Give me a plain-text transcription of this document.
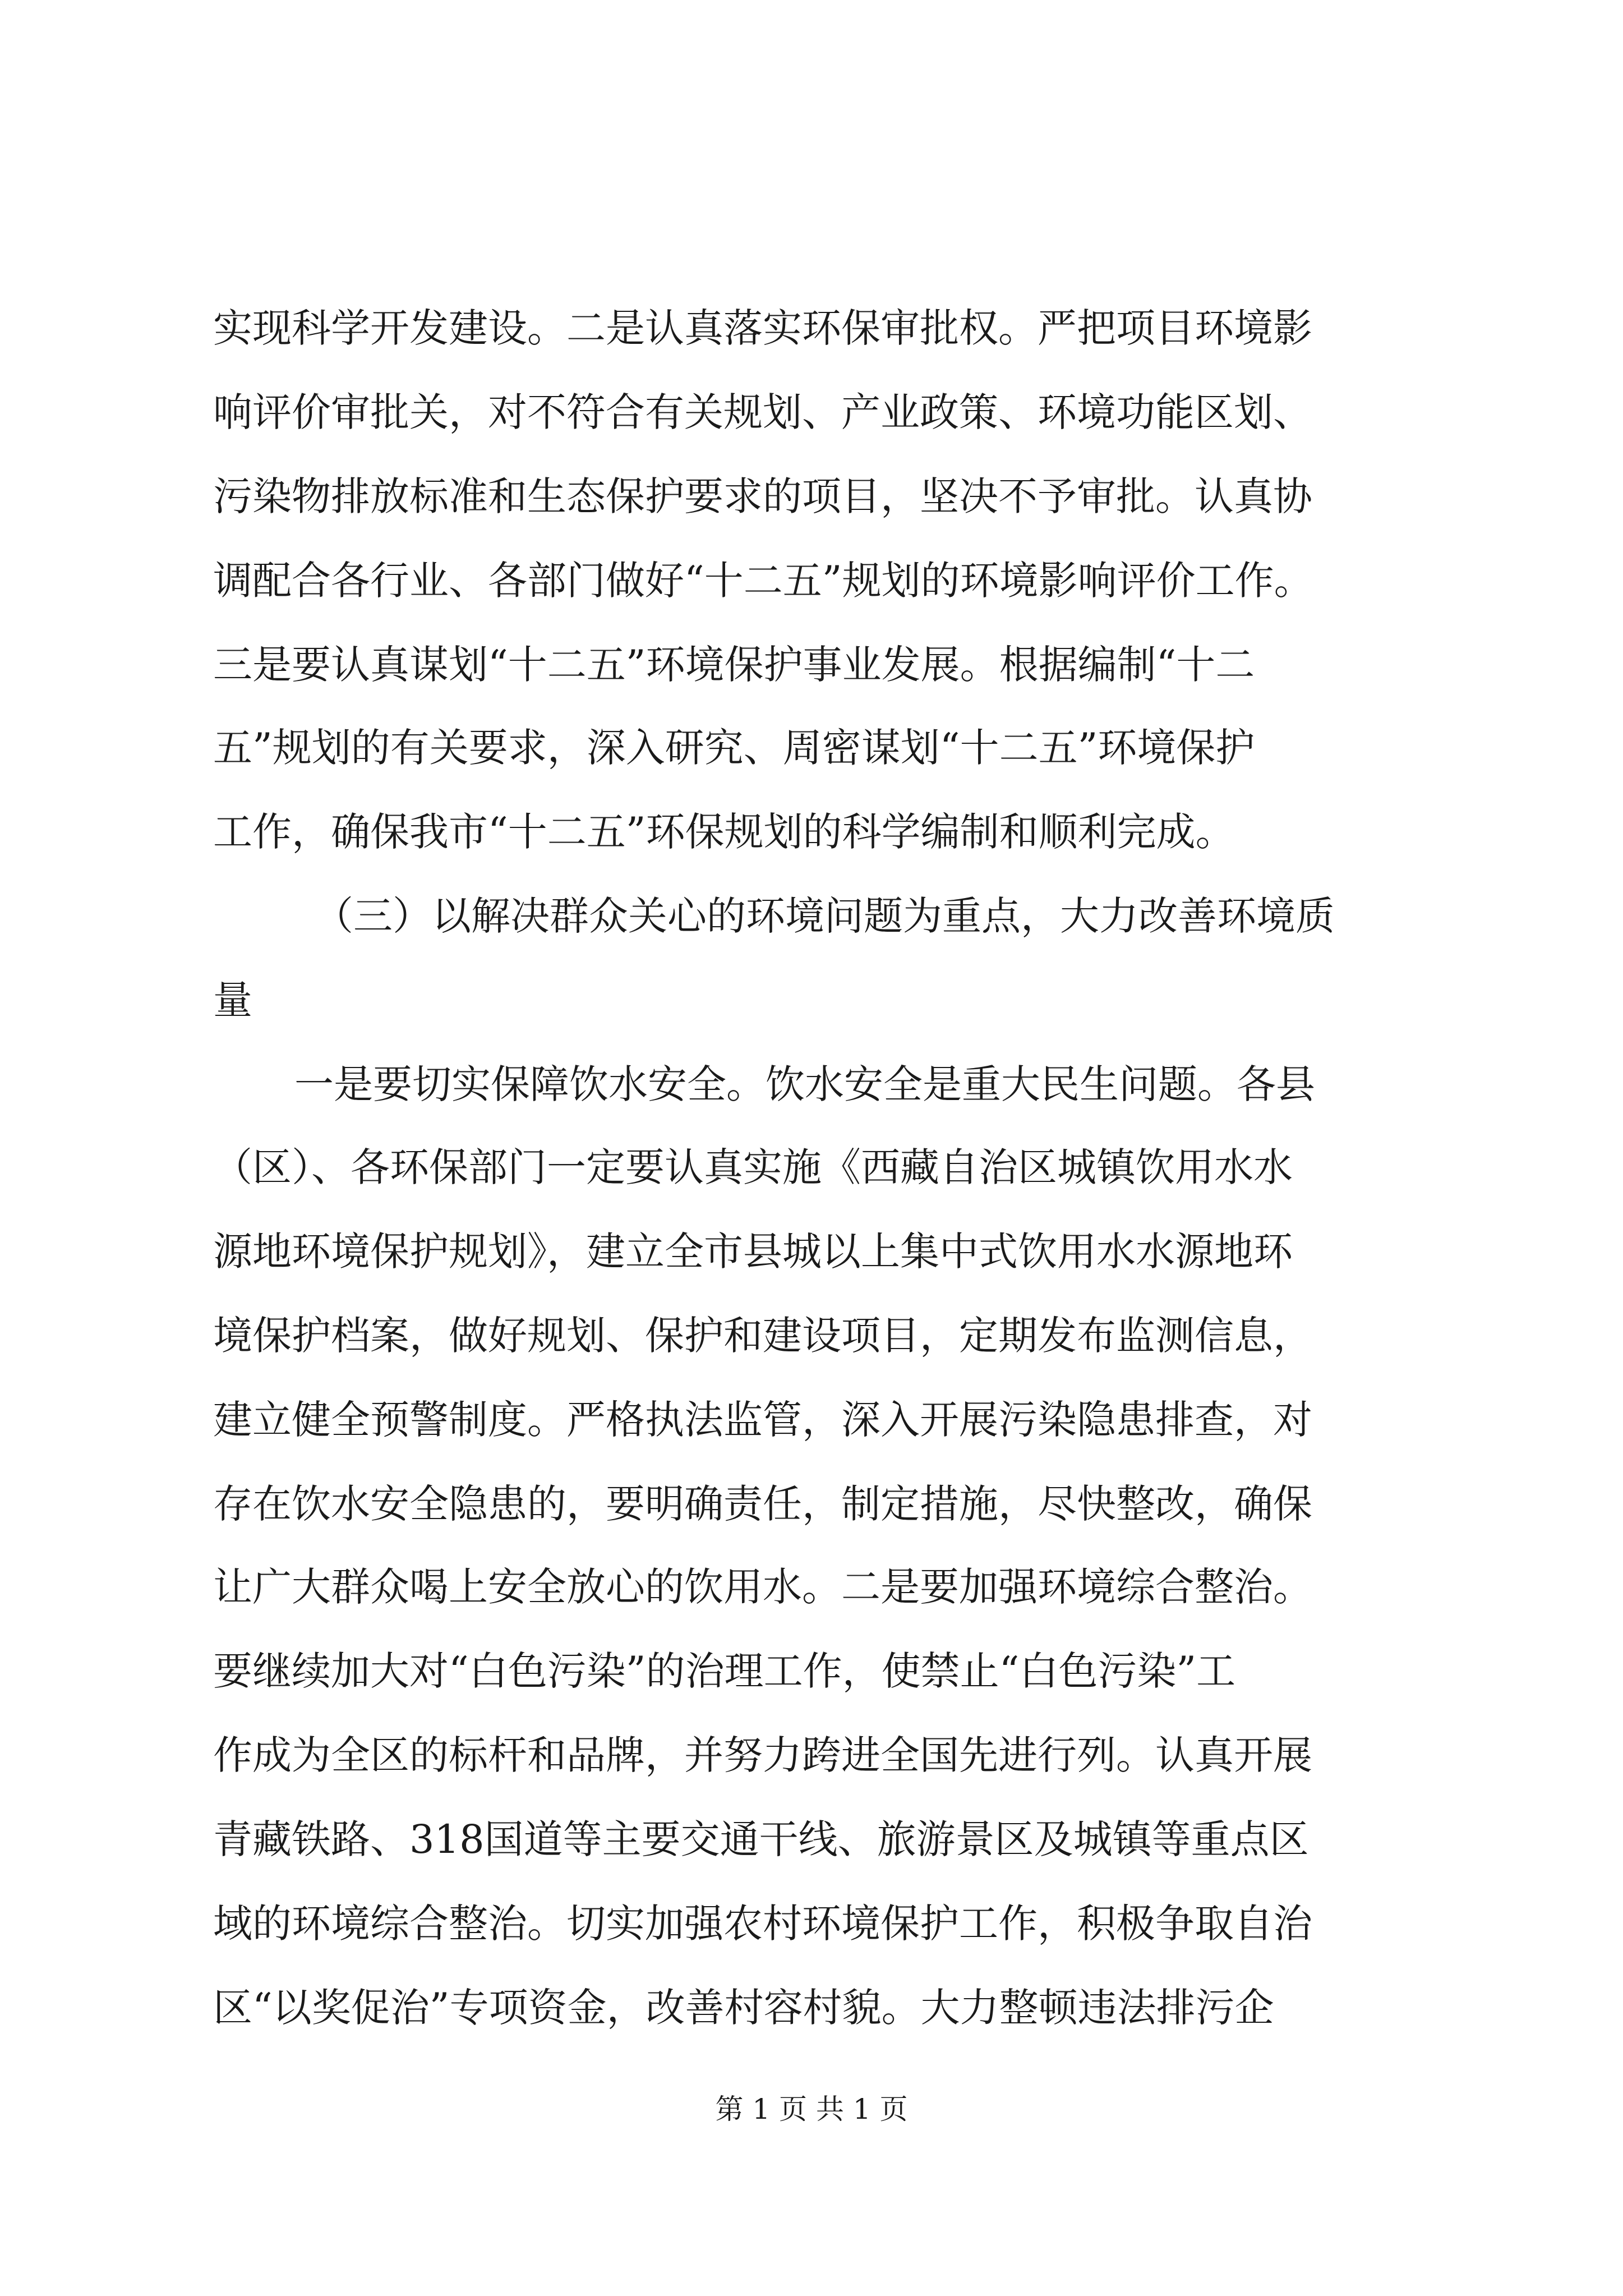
实现科学开发建设。二是认真落实环保审批权。严把项目环境影
响评价审批关，对不符合有关规划、产业政策、环境功能区划、
污染物排放标准和生态保护要求的项目，坚决不予审批。认真协
调配合各行业、各部门做好“十二五”规划的环境影响评价工作。
三是要认真谋划“十二五”环境保护事业发展。根据编制“十二
五”规划的有关要求，深入研究、周密谋划“十二五”环境保护
工作，确保我市“十二五”环保规划的科学编制和顺利完成。
（三）以解决群众关心的环境问题为重点，大力改善环境质
量
一是要切实保障饮水安全。饮水安全是重大民生问题。各县
（区）、各环保部门一定要认真实施《西藏自治区城镇饮用水水
源地环境保护规划》，建立全市县城以上集中式饮用水水源地环
境保护档案，做好规划、保护和建设项目，定期发布监测信息，
建立健全预警制度。严格执法监管，深入开展污染隐患排查，对
存在饮水安全隐患的，要明确责任，制定措施，尽快整改，确保
让广大群众喝上安全放心的饮用水。二是要加强环境综合整治。
要继续加大对“白色污染”的治理工作，使禁止“白色污染”工
作成为全区的标杆和品牌，并努力跨进全国先进行列。认真开展
青藏铁路、318国道等主要交通干线、旅游景区及城镇等重点区
域的环境综合整治。切实加强农村环境保护工作，积极争取自治
区“以奖促治”专项资金，改善村容村貌。大力整顿违法排污企
第 1 页 共 1 页
